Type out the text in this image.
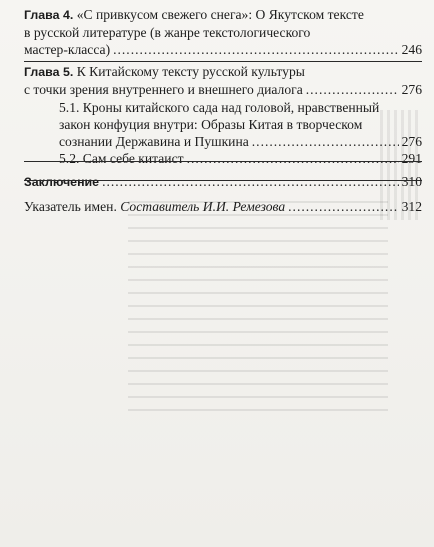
Глава 4. «С привкусом свежего снега»: О Якутском тексте
в русской литературе (в жанре текстологического
мастер-класса) .....	246
Глава 5. К Китайскому тексту русской культуры
с точки зрения внутреннего и внешнего диалога .....	276
5.1. Кроны китайского сада над головой, нравственный
закон конфуция внутри: Образы Китая в творческом
сознании Державина и Пушкина .....	276
5.2. Сам себе китаист .....	291
Заключение .....	310
Указатель имен. Составитель И.И. Ремезова .....	312
